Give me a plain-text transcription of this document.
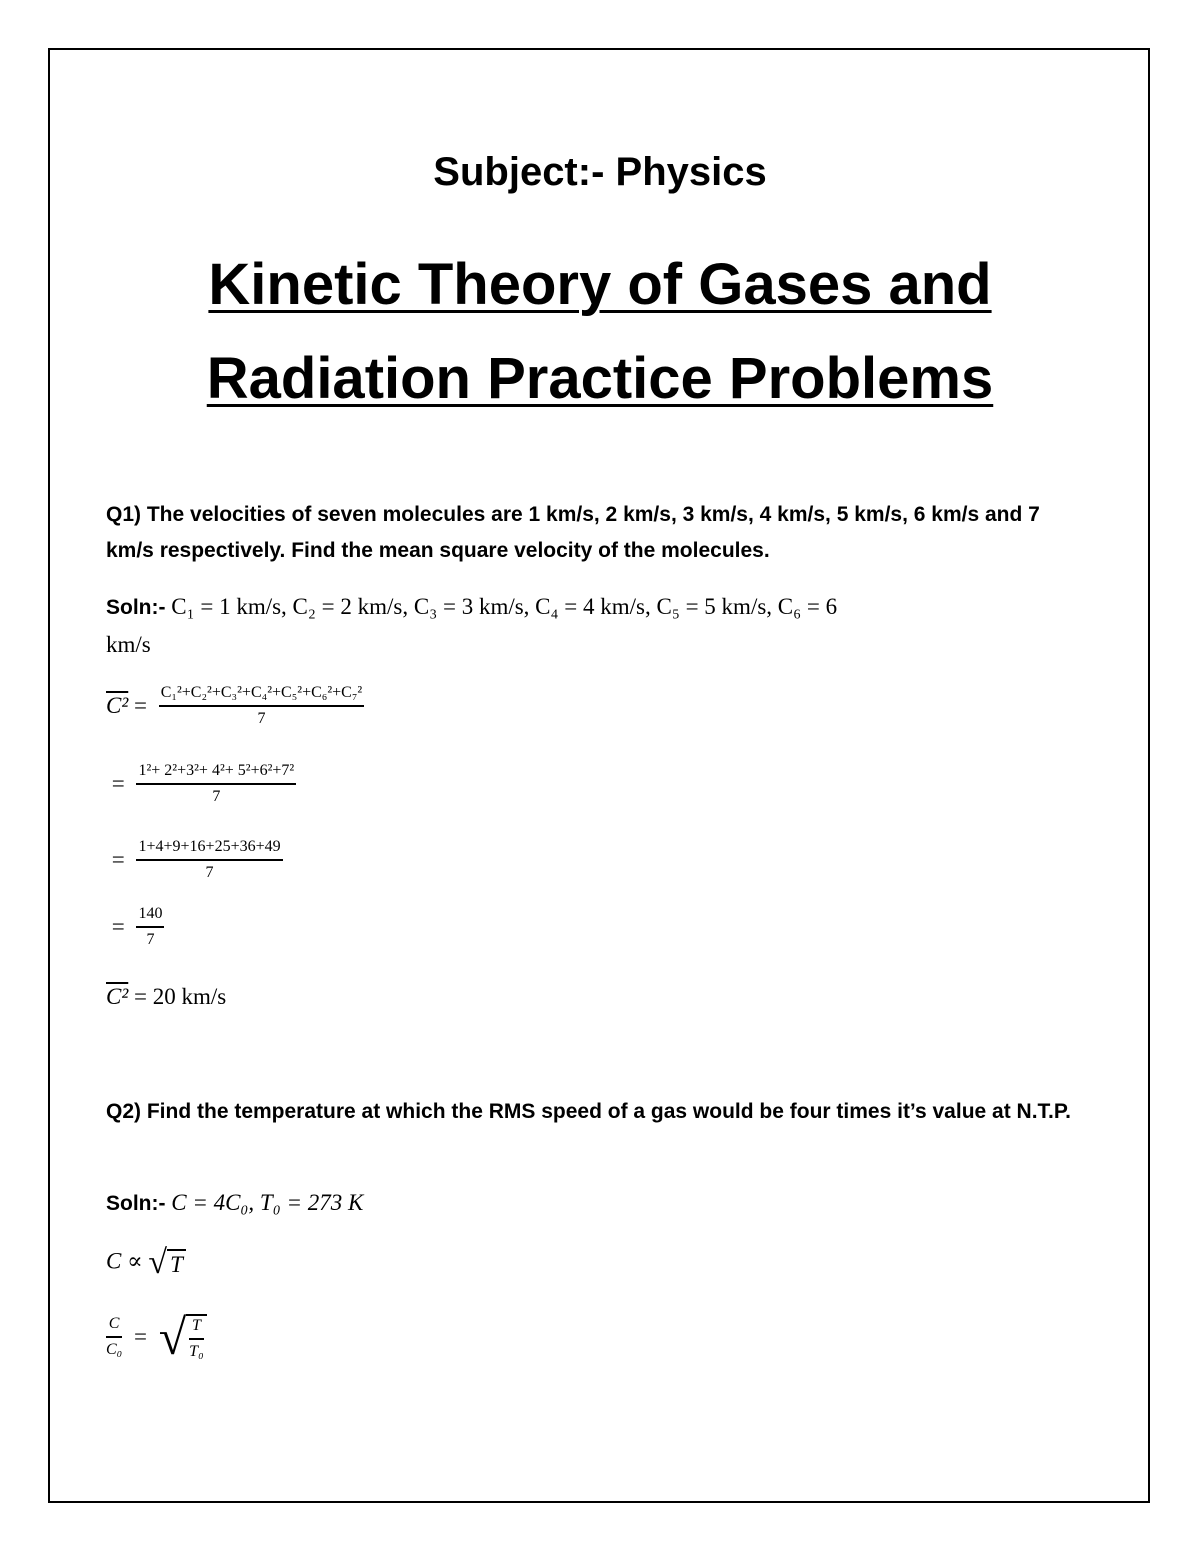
Subject:- Physics
Kinetic Theory of Gases and
Radiation Practice Problems
Q1) The velocities of seven molecules are 1 km/s, 2 km/s, 3 km/s, 4 km/s, 5 km/s, 6 km/s and 7 km/s respectively. Find the mean square velocity of the molecules.
Soln:- C₁ = 1 km/s, C₂ = 2 km/s, C₃ = 3 km/s, C₄ = 4 km/s, C₅ = 5 km/s, C₆ = 6
km/s
$C^2 = \frac{\text{C₁²+C₂²+C₃²+C₄²+C₅²+C₆²+C₇²}}{7}$
= $\frac{\text{1²+ 2²+3²+ 4²+ 5²+6²+7²}}{7}$
= $\frac{1+4+9+16+25+36+49}{7}$
= $\frac{140}{7}$
C² = 20 km/s
Q2) Find the temperature at which the RMS speed of a gas would be four times it’s value at N.T.P.
Soln:- C = 4C₀, T₀ = 273 K
C ∝ √ T
$\frac{C}{\text{C₀}}$ = √ $\frac{T}{\text{T₀}}$
